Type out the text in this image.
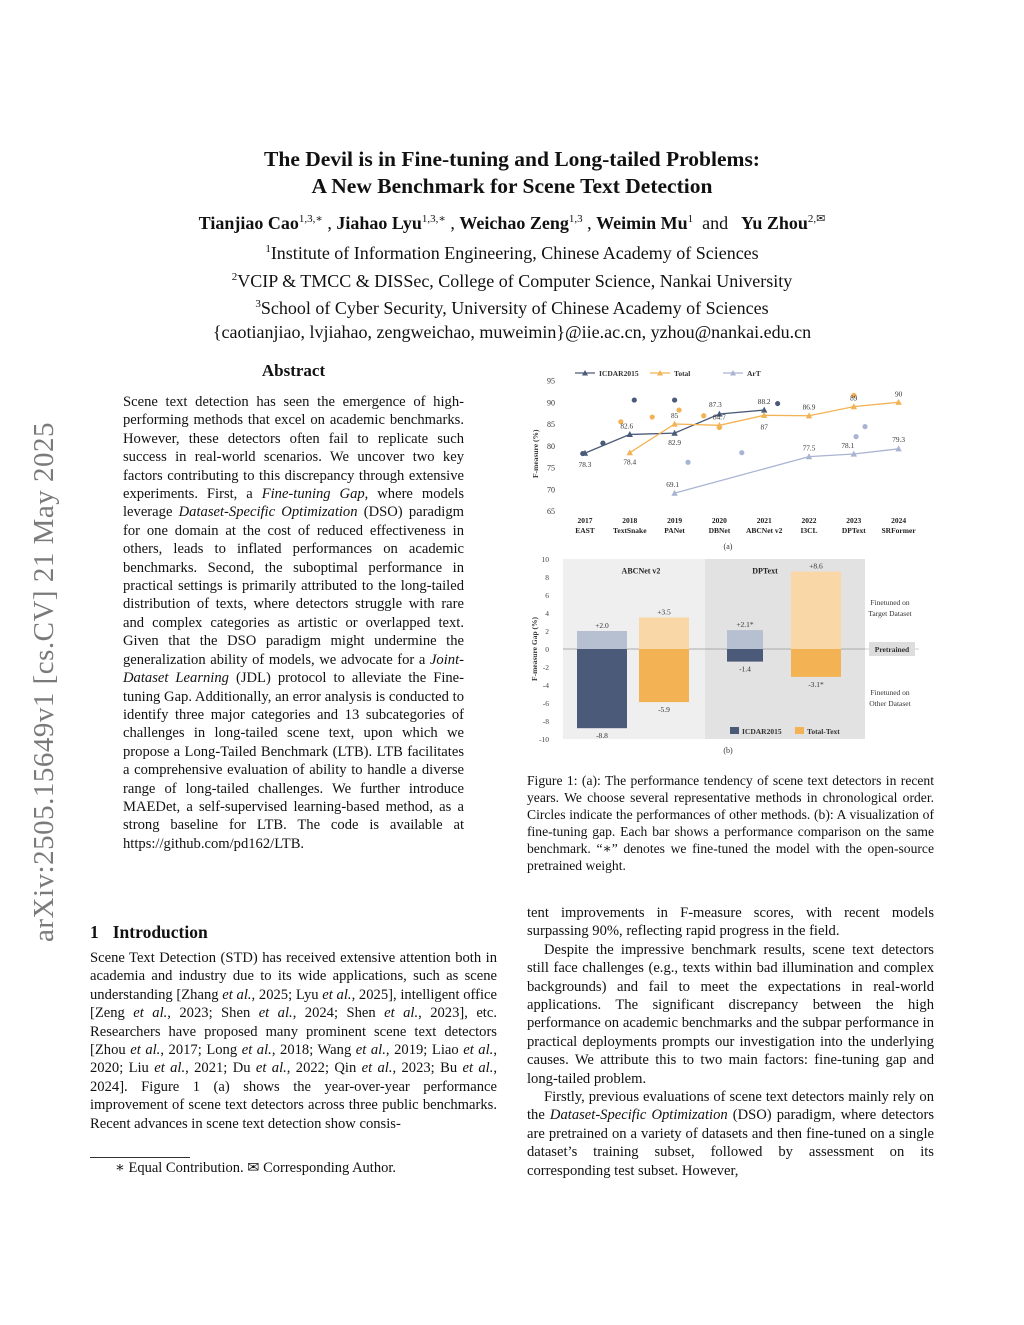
arXiv:2505.15649v1 [cs.CV] 21 May 2025
The Devil is in Fine-tuning and Long-tailed Problems:
A New Benchmark for Scene Text Detection
Tianjiao Cao$^{1,3,∗}$ , Jiahao Lyu$^{1,3,∗}$ , Weichao Zeng$^{1,3}$ , Weimin Mu$^1$ and Yu Zhou$^{2,✉}$
$^1$Institute of Information Engineering, Chinese Academy of Sciences
$^2$VCIP & TMCC & DISSec, College of Computer Science, Nankai University
$^3$School of Cyber Security, University of Chinese Academy of Sciences
{caotianjiao, lvjiahao, zengweichao, muweimin}@iie.ac.cn, yzhou@nankai.edu.cn
Abstract
Scene text detection has seen the emergence of high-performing methods that excel on academic benchmarks. However, these detectors often fail to replicate such success in real-world scenarios. We uncover two key factors contributing to this discrepancy through extensive experiments. First, a Fine-tuning Gap, where models leverage Dataset-Specific Optimization (DSO) paradigm for one domain at the cost of reduced effectiveness in others, leads to inflated performances on academic benchmarks. Second, the suboptimal performance in practical settings is primarily attributed to the long-tailed distribution of texts, where detectors struggle with rare and complex categories as artistic or overlapped text. Given that the DSO paradigm might undermine the generalization ability of models, we advocate for a Joint-Dataset Learning (JDL) protocol to alleviate the Fine-tuning Gap. Additionally, an error analysis is conducted to identify three major categories and 13 subcategories of challenges in long-tailed scene text, upon which we propose a Long-Tailed Benchmark (LTB). LTB facilitates a comprehensive evaluation of ability to handle a diverse range of long-tailed challenges. We further introduce MAEDet, a self-supervised learning-based method, as a strong baseline for LTB. The code is available at https://github.com/pd162/LTB.
1 Introduction
Scene Text Detection (STD) has received extensive attention both in academia and industry due to its wide applications, such as scene understanding [Zhang et al., 2025; Lyu et al., 2025], intelligent office [Zeng et al., 2023; Shen et al., 2024; Shen et al., 2023], etc. Researchers have proposed many prominent scene text detectors [Zhou et al., 2017; Long et al., 2018; Wang et al., 2019; Liao et al., 2020; Liu et al., 2021; Du et al., 2022; Qin et al., 2023; Bu et al., 2024]. Figure 1 (a) shows the year-over-year performance improvement of scene text detectors across three public benchmarks. Recent advances in scene text detection show consis-
∗ Equal Contribution. ✉ Corresponding Author.
ICDAR2015	Total	ArT
95
90
85
80
75
70
65
F-measure (%)
2017
EAST
2018
TextSnake
2019
PANet
2020
DBNet
2021
ABCNet v2
2022
I3CL
2023
DPText
2024
SRFormer
(a)
78.3
82.6
82.9
87.3	88.2
78.4
85	84.7
87
86.9
89	90
69.1
77.5	78.1
79.3
10
8
6
4
2
0
-2
-4
-6
-8
-10
F-measure Gap (%)
ABCNet v2	DPText
+2.0
-8.8
+2.1*
-1.4
+3.5
-5.9
+8.6
-3.1*
Finetuned on
Target Dataset
Pretrained
Finetuned on
Other Dataset
ICDAR2015	Total-Text
(b)
Figure 1: (a): The performance tendency of scene text detectors in recent years. We choose several representative methods in chronological order. Circles indicate the performances of other methods. (b): A visualization of fine-tuning gap. Each bar shows a performance comparison on the same benchmark. “∗” denotes we fine-tuned the model with the open-source pretrained weight.

tent improvements in F-measure scores, with recent models surpassing 90%, reflecting rapid progress in the field.

Despite the impressive benchmark results, scene text detectors still face challenges (e.g., texts within bad illumination and complex backgrounds) and fail to meet the expectations in real-world applications. The significant discrepancy between the high performance on academic benchmarks and the subpar performance in practical deployments prompts our investigation into the underlying causes. We attribute this to two main factors: fine-tuning gap and long-tailed problem.

Firstly, previous evaluations of scene text detectors mainly rely on the Dataset-Specific Optimization (DSO) paradigm, where detectors are pretrained on a variety of datasets and then fine-tuned on a single dataset’s training subset, followed by assessment on its corresponding test subset. However,
